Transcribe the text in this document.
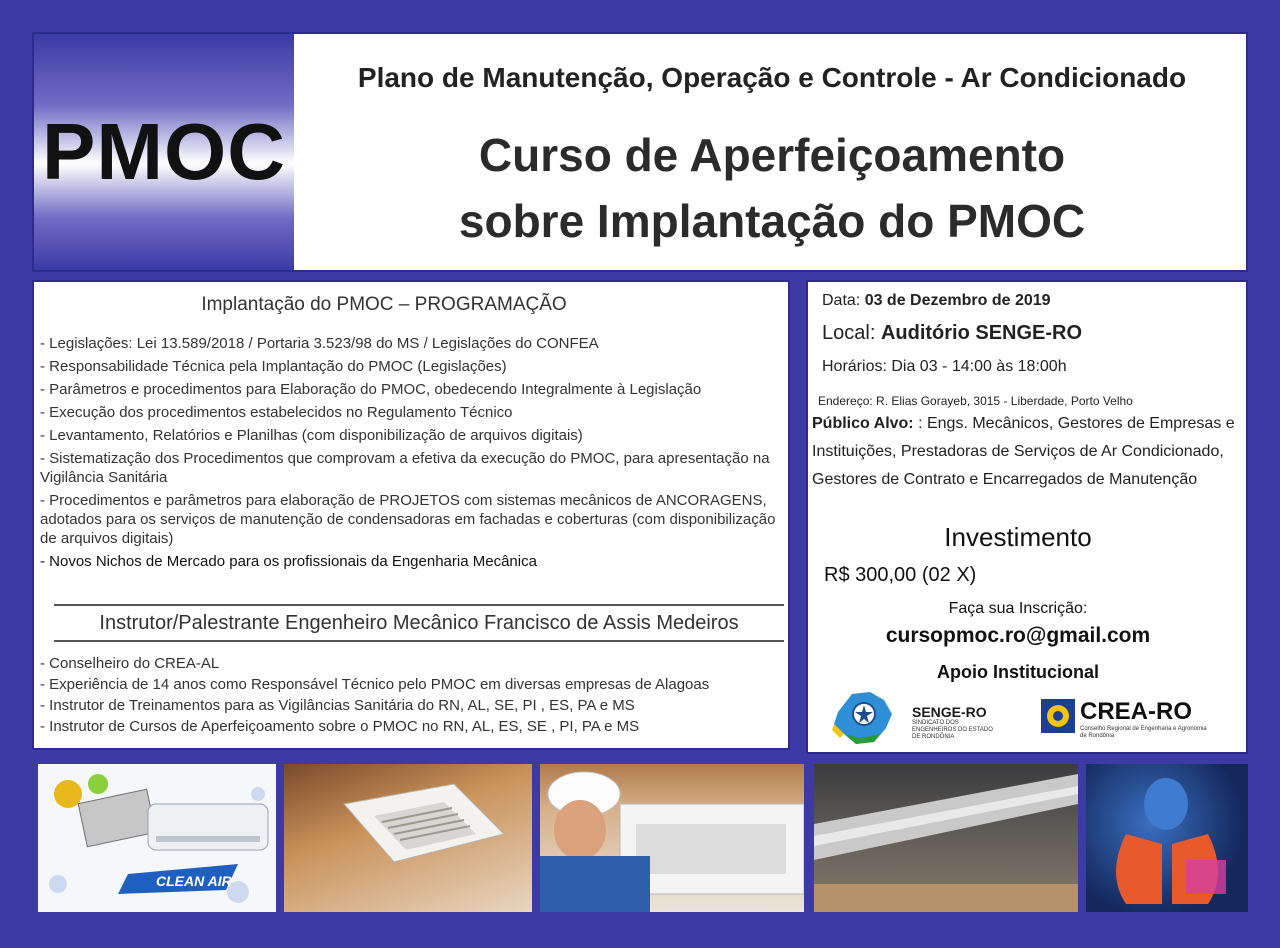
PMOC
Plano de Manutenção, Operação e Controle - Ar Condicionado
Curso de Aperfeiçoamento
sobre Implantação do PMOC
Implantação do PMOC – PROGRAMAÇÃO
- Legislações: Lei 13.589/2018 / Portaria 3.523/98 do MS / Legislações do CONFEA
- Responsabilidade Técnica pela Implantação do PMOC (Legislações)
- Parâmetros e procedimentos para Elaboração do PMOC, obedecendo Integralmente à Legislação
- Execução dos procedimentos estabelecidos no Regulamento Técnico
- Levantamento, Relatórios e Planilhas (com disponibilização de arquivos digitais)
- Sistematização dos Procedimentos que comprovam a efetiva da execução do PMOC, para apresentação na Vigilância Sanitária
- Procedimentos e parâmetros para elaboração de PROJETOS com sistemas mecânicos de ANCORAGENS, adotados para os serviços de manutenção de condensadoras em fachadas e coberturas (com disponibilização de arquivos digitais)
- Novos Nichos de Mercado para os profissionais da Engenharia Mecânica
Instrutor/Palestrante Engenheiro Mecânico Francisco de Assis Medeiros
- Conselheiro do CREA-AL
- Experiência de 14 anos como Responsável Técnico pelo PMOC em diversas empresas de Alagoas
- Instrutor de Treinamentos para as Vigilâncias Sanitária do RN, AL, SE, PI , ES, PA e MS
- Instrutor de Cursos de Aperfeiçoamento sobre o PMOC no RN, AL, ES, SE , PI, PA e MS
Data: 03 de Dezembro de 2019
Local: Auditório SENGE-RO
Horários: Dia 03 - 14:00 às 18:00h
Endereço: R. Elias Gorayeb, 3015 - Liberdade, Porto Velho
Público Alvo: : Engs. Mecânicos, Gestores de Empresas e Instituições, Prestadoras de Serviços de Ar Condicionado, Gestores de Contrato e Encarregados de Manutenção
Investimento
R$ 300,00 (02 X)
Faça sua Inscrição:
cursopmoc.ro@gmail.com
Apoio Institucional
SENGE-RO
SINDICATO DOS ENGENHEIROS DO ESTADO DE RONDÔNIA
CREA-RO
Conselho Regional de Engenharia e Agronomia de Rondônia
CLEAN AIR
